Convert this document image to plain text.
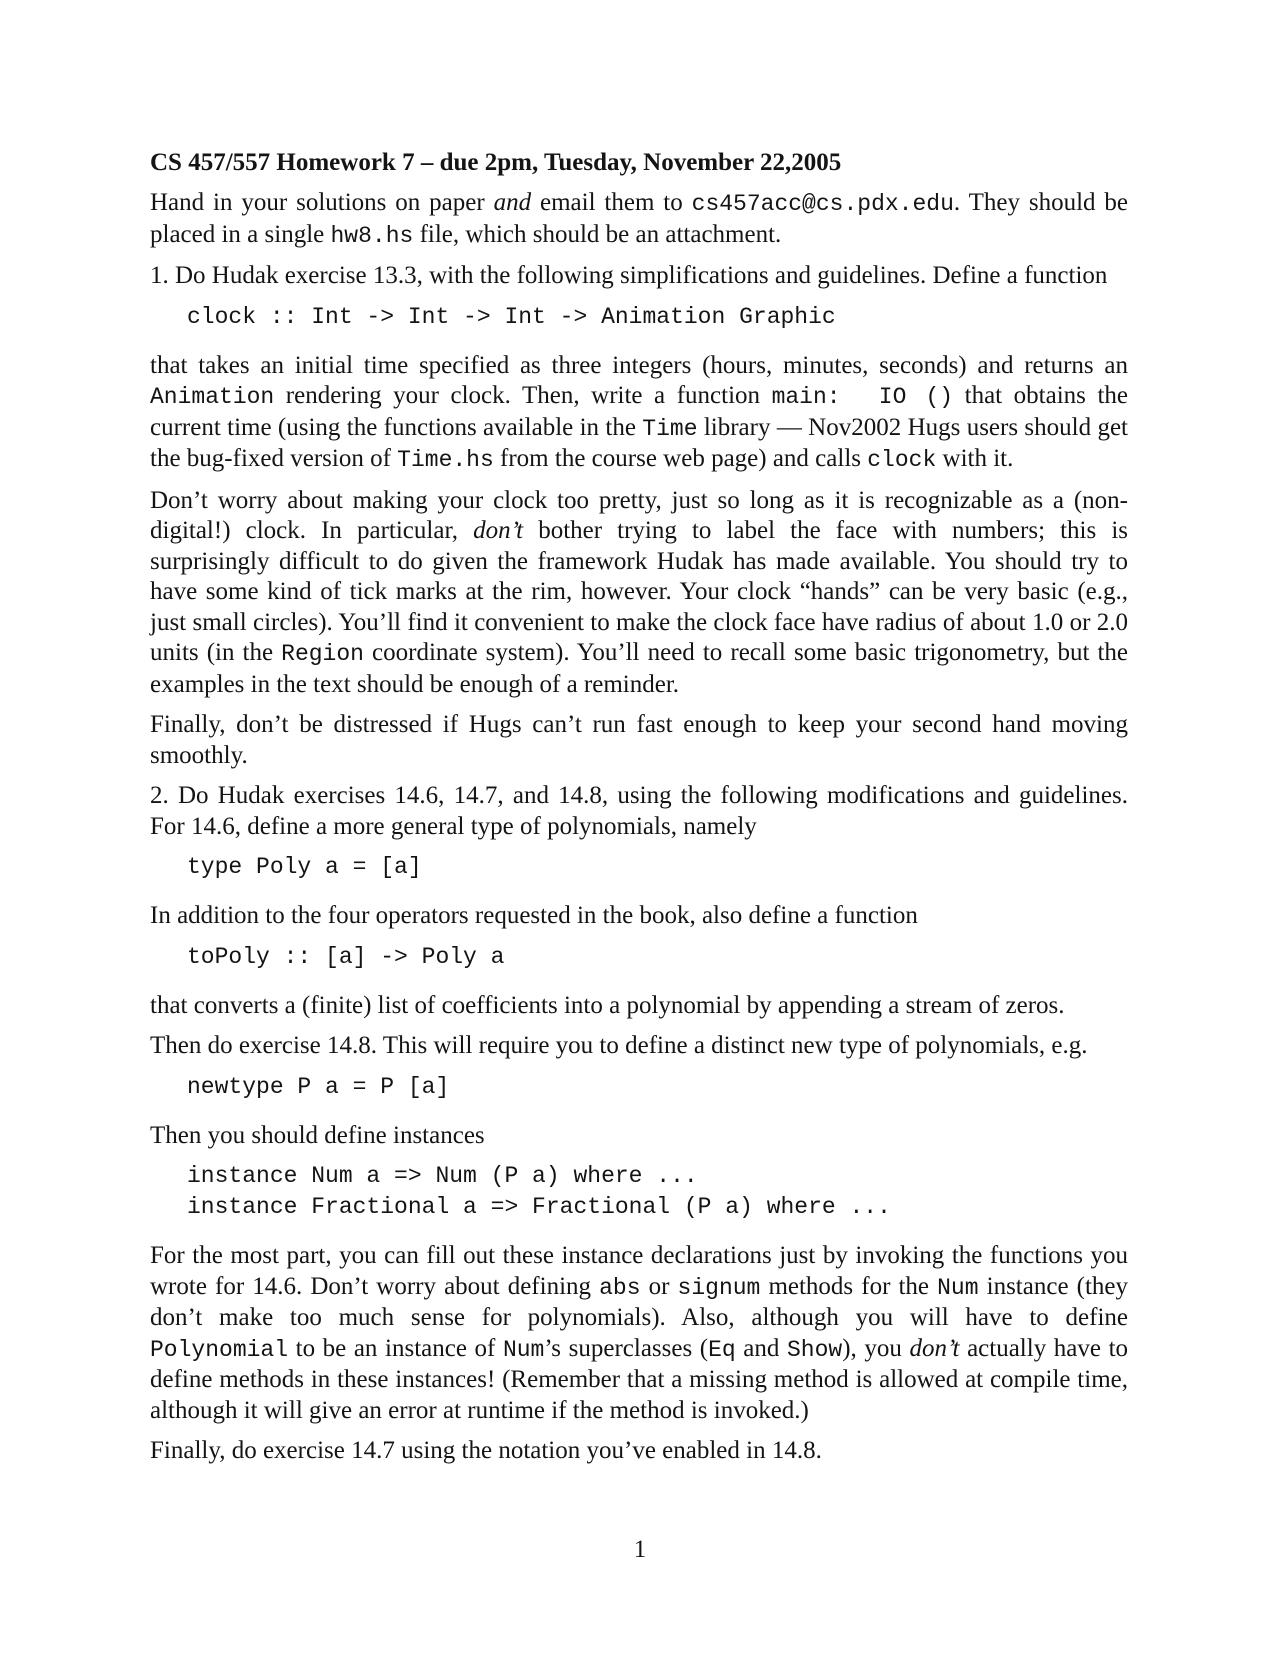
CS 457/557 Homework 7 – due 2pm, Tuesday, November 22,2005

Hand in your solutions on paper and email them to cs457acc@cs.pdx.edu. They should be placed in a single hw8.hs file, which should be an attachment.

1. Do Hudak exercise 13.3, with the following simplifications and guidelines. Define a function

clock :: Int -> Int -> Int -> Animation Graphic

that takes an initial time specified as three integers (hours, minutes, seconds) and returns an Animation rendering your clock. Then, write a function main:  IO () that obtains the current time (using the functions available in the Time library — Nov2002 Hugs users should get the bug-fixed version of Time.hs from the course web page) and calls clock with it.

Don’t worry about making your clock too pretty, just so long as it is recognizable as a (non-digital!) clock. In particular, don’t bother trying to label the face with numbers; this is surprisingly difficult to do given the framework Hudak has made available. You should try to have some kind of tick marks at the rim, however. Your clock “hands” can be very basic (e.g., just small circles). You’ll find it convenient to make the clock face have radius of about 1.0 or 2.0 units (in the Region coordinate system). You’ll need to recall some basic trigonometry, but the examples in the text should be enough of a reminder.

Finally, don’t be distressed if Hugs can’t run fast enough to keep your second hand moving smoothly.

2. Do Hudak exercises 14.6, 14.7, and 14.8, using the following modifications and guidelines. For 14.6, define a more general type of polynomials, namely

type Poly a = [a]

In addition to the four operators requested in the book, also define a function

toPoly :: [a] -> Poly a

that converts a (finite) list of coefficients into a polynomial by appending a stream of zeros.

Then do exercise 14.8. This will require you to define a distinct new type of polynomials, e.g.

newtype P a = P [a]

Then you should define instances

instance Num a => Num (P a) where ...
instance Fractional a => Fractional (P a) where ...

For the most part, you can fill out these instance declarations just by invoking the functions you wrote for 14.6. Don’t worry about defining abs or signum methods for the Num instance (they don’t make too much sense for polynomials). Also, although you will have to define Polynomial to be an instance of Num’s superclasses (Eq and Show), you don’t actually have to define methods in these instances! (Remember that a missing method is allowed at compile time, although it will give an error at runtime if the method is invoked.)

Finally, do exercise 14.7 using the notation you’ve enabled in 14.8.

1
